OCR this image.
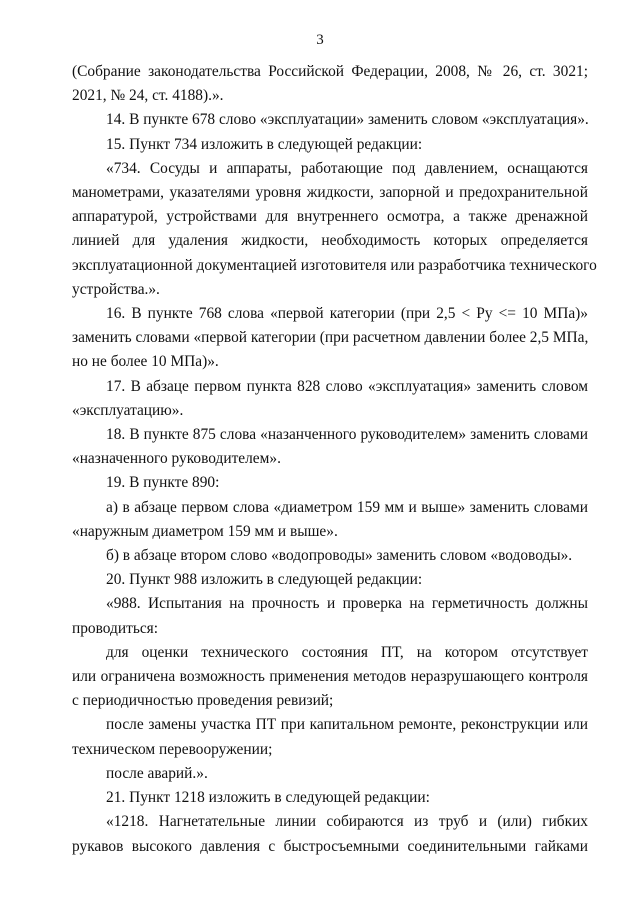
3
(Собрание законодательства Российской Федерации, 2008, № 26, ст. 3021;
2021, № 24, ст. 4188).».
14. В пункте 678 слово «эксплуатации» заменить словом «эксплуатация».
15. Пункт 734 изложить в следующей редакции:
«734. Сосуды и аппараты, работающие под давлением, оснащаются
манометрами, указателями уровня жидкости, запорной и предохранительной
аппаратурой, устройствами для внутреннего осмотра, а также дренажной
линией для удаления жидкости, необходимость которых определяется
эксплуатационной документацией изготовителя или разработчика технического
устройства.».
16. В пункте 768 слова «первой категории (при 2,5 < Ру <= 10 МПа)»
заменить словами «первой категории (при расчетном давлении более 2,5 МПа,
но не более 10 МПа)».
17. В абзаце первом пункта 828 слово «эксплуатация» заменить словом
«эксплуатацию».
18. В пункте 875 слова «назанченного руководителем» заменить словами
«назначенного руководителем».
19. В пункте 890:
а) в абзаце первом слова «диаметром 159 мм и выше» заменить словами
«наружным диаметром 159 мм и выше».
б) в абзаце втором слово «водопроводы» заменить словом «водоводы».
20. Пункт 988 изложить в следующей редакции:
«988. Испытания на прочность и проверка на герметичность должны
проводиться:
для оценки технического состояния ПТ, на котором отсутствует
или ограничена возможность применения методов неразрушающего контроля
с периодичностью проведения ревизий;
после замены участка ПТ при капитальном ремонте, реконструкции или
техническом перевооружении;
после аварий.».
21. Пункт 1218 изложить в следующей редакции:
«1218. Нагнетательные линии собираются из труб и (или) гибких
рукавов высокого давления с быстросъемными соединительными гайками
